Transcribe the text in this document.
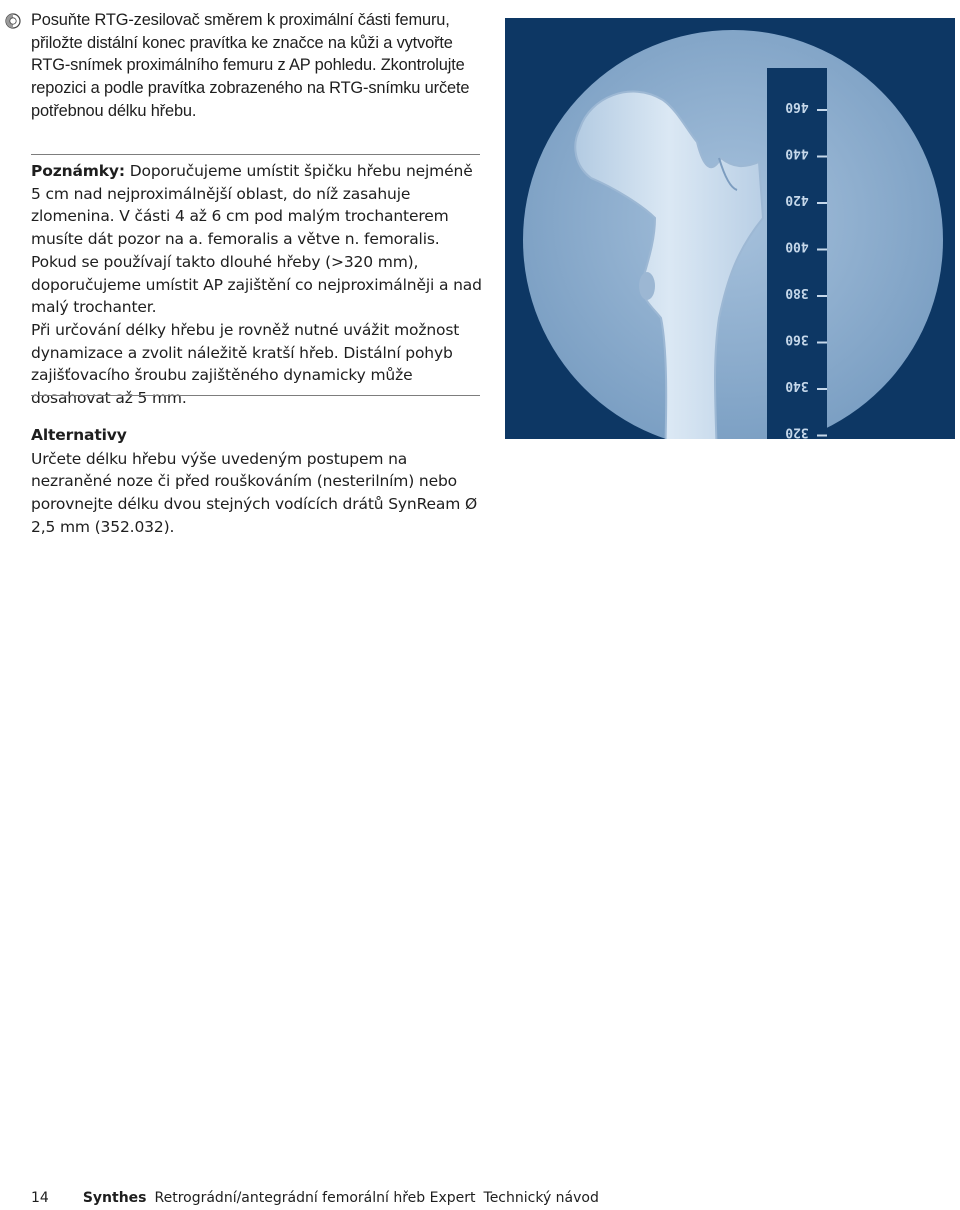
Posuňte RTG-zesilovač směrem k proximální části femuru, přiložte distální konec pravítka ke značce na kůži a vytvořte RTG-snímek proximálního femuru z AP pohledu. Zkontrolujte repozici a podle pravítka zobrazeného na RTG-snímku určete potřebnou délku hřebu.
Poznámky: Doporučujeme umístit špičku hřebu nejméně 5 cm nad nejproximálnější oblast, do níž zasahuje zlomenina. V části 4 až 6 cm pod malým trochanterem musíte dát pozor na a. femoralis a větve n. femoralis. Pokud se používají takto dlouhé hřeby (>320 mm), doporučujeme umístit AP zajištění co nejproximálněji a nad malý trochanter.
Při určování délky hřebu je rovněž nutné uvážit možnost dynamizace a zvolit náležitě kratší hřeb. Distální pohyb zajišťovacího šroubu zajištěného dynamicky může dosahovat až 5 mm.
Alternativy
Určete délku hřebu výše uvedeným postupem na nezraněné noze či před rouškováním (nesterilním) nebo porovnejte délku dvou stejných vodících drátů SynReam Ø 2,5 mm (352.032).
460
440
420
400
380
360
340
320
14 Synthes Retrográdní/antegrádní femorální hřeb Expert Technický návod
